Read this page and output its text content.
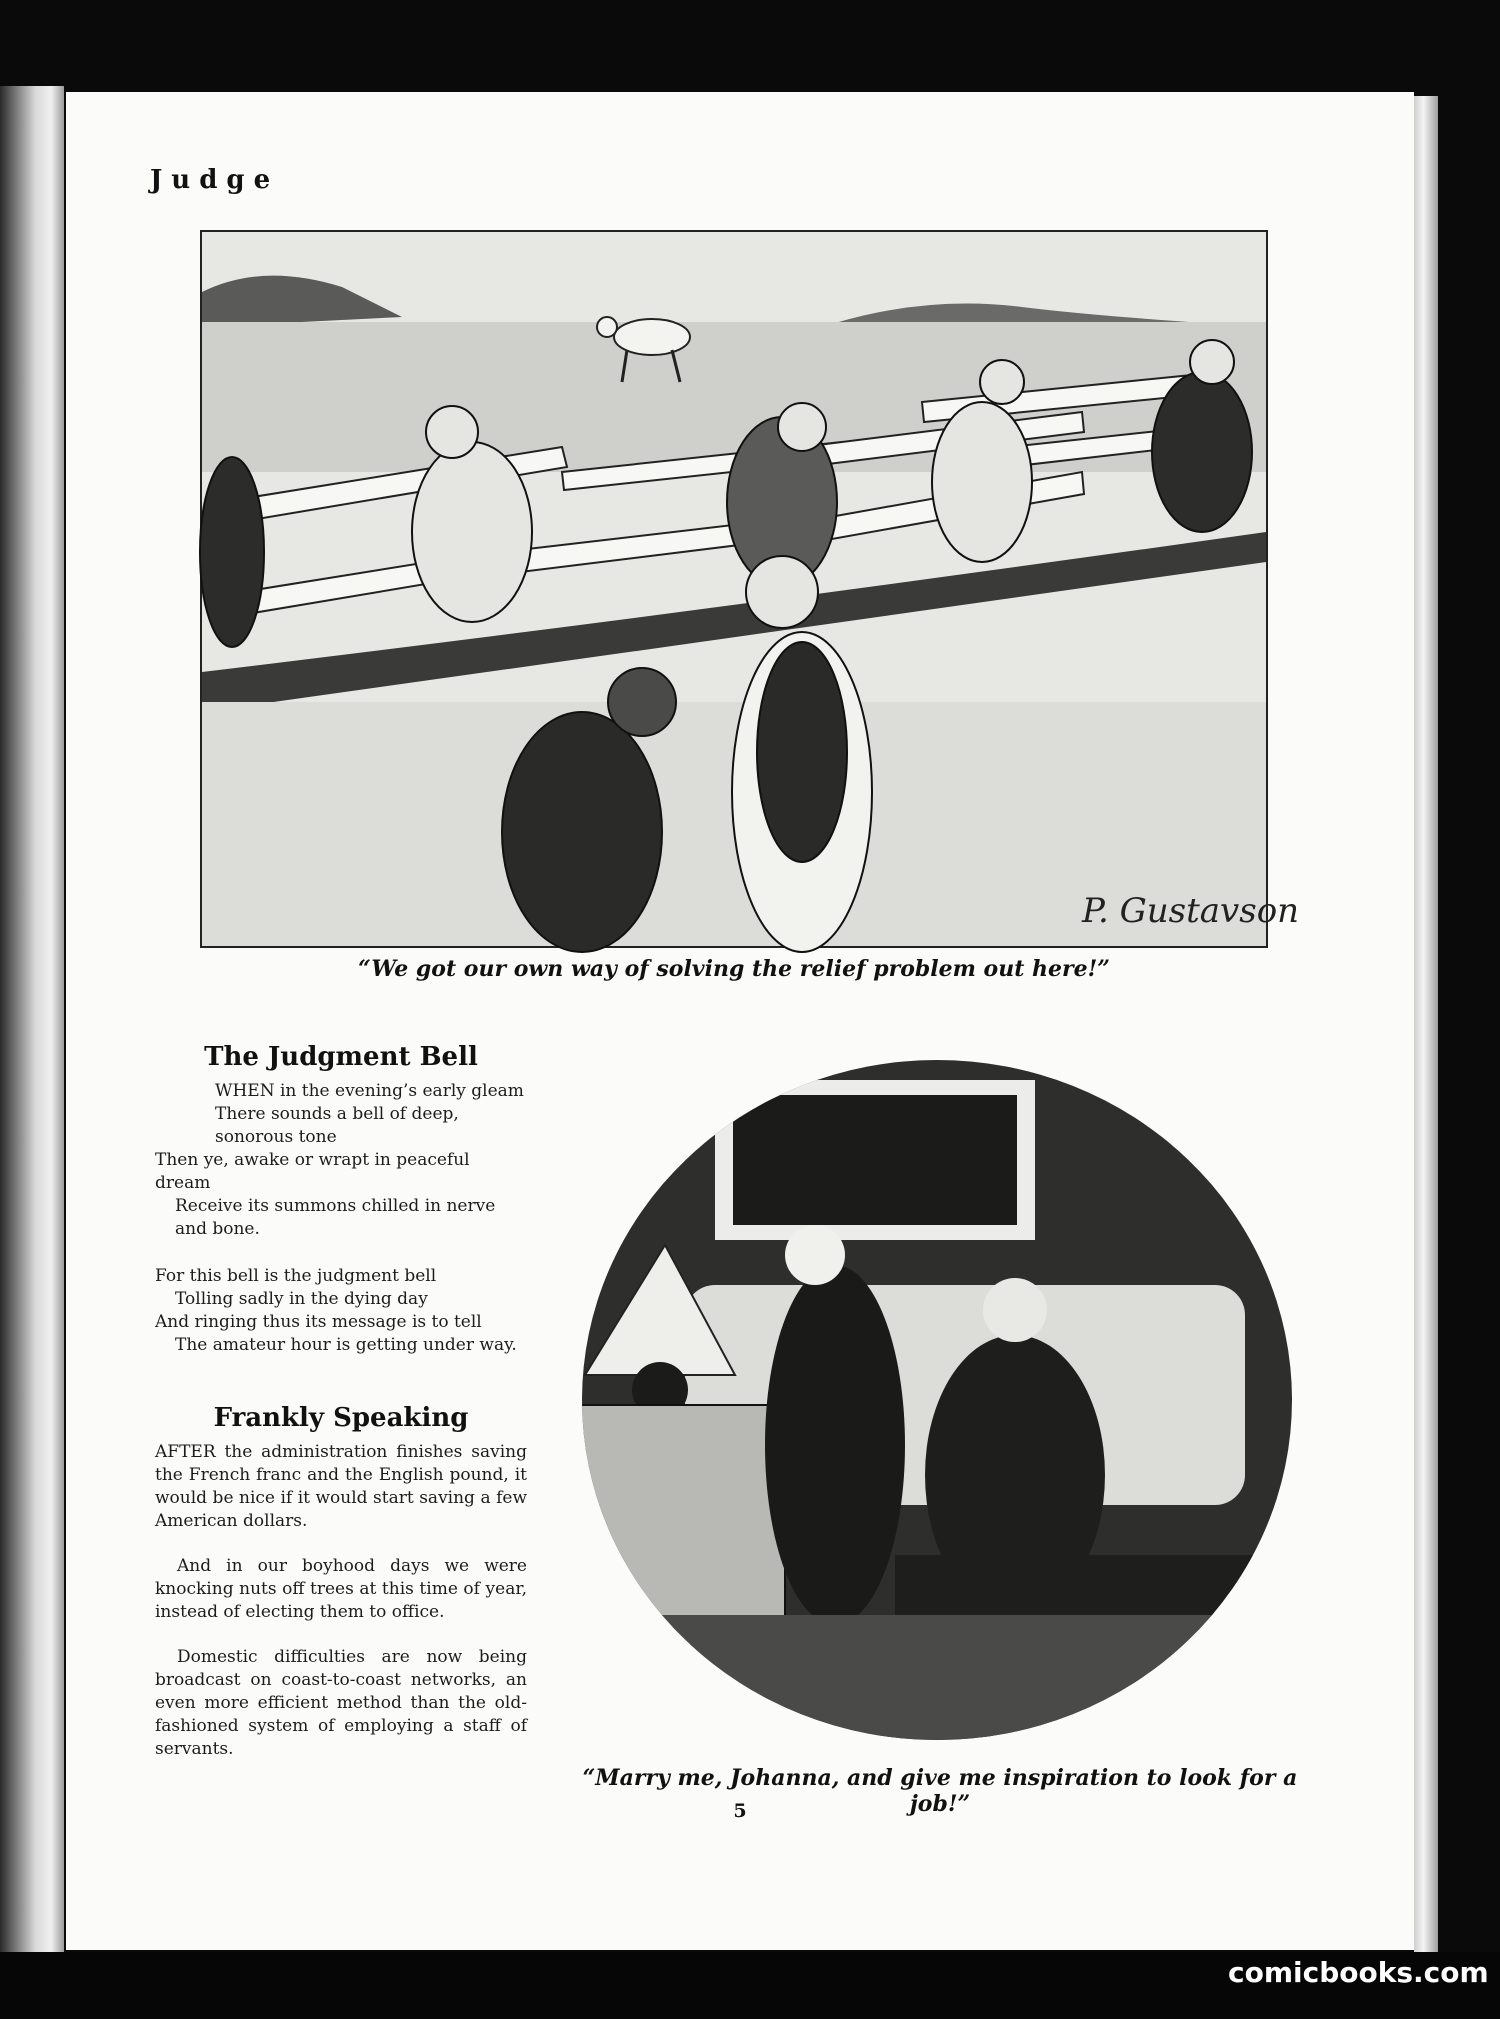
Judge
P. Gustavson
“We got our own way of solving the relief problem out here!”
The Judgment Bell

WHEN in the evening’s early gleam

There sounds a bell of deep, sonorous tone

Then ye, awake or wrapt in peaceful dream

Receive its summons chilled in nerve and bone.

For this bell is the judgment bell

Tolling sadly in the dying day

And ringing thus its message is to tell

The amateur hour is getting under way.

Frankly Speaking

AFTER the administration finishes saving the French franc and the English pound, it would be nice if it would start saving a few American dollars.

And in our boyhood days we were knocking nuts off trees at this time of year, instead of electing them to office.

Domestic difficulties are now being broadcast on coast-to-coast networks, an even more efficient method than the old-fashioned system of employing a staff of servants.

“Marry me, Johanna, and give me inspiration to look for a job!”
5
comicbooks.com
